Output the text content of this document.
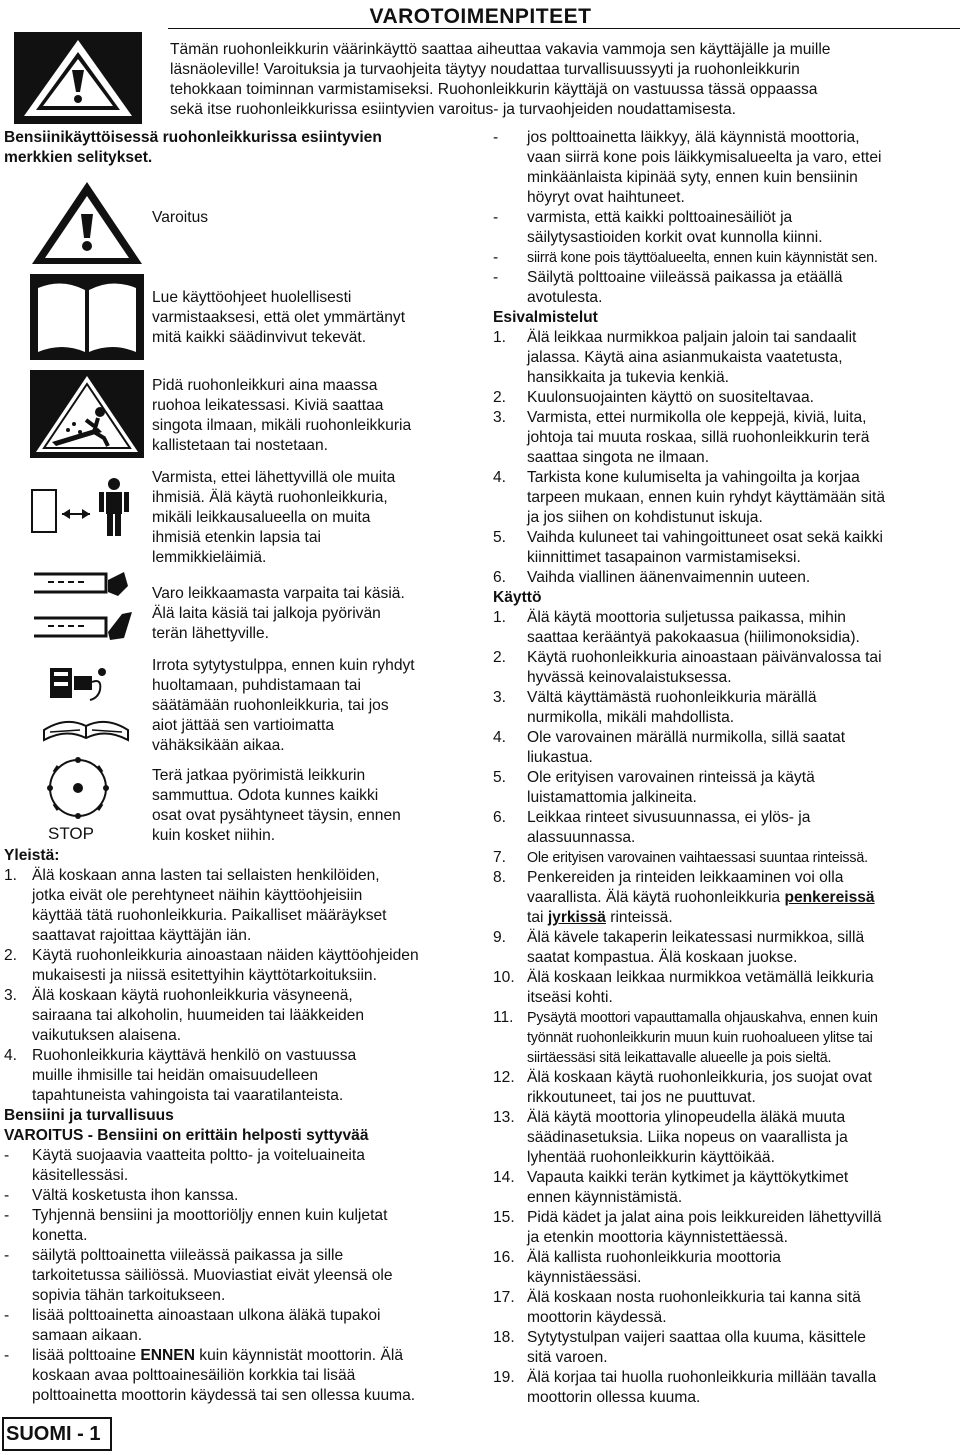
VAROTOIMENPITEET
Tämän ruohonleikkurin väärinkäyttö saattaa aiheuttaa vakavia vammoja sen käyttäjälle ja muille
läsnäoleville! Varoituksia ja turvaohjeita täytyy noudattaa turvallisuussyyti ja ruohonleikkurin
tehokkaan toiminnan varmistamiseksi. Ruohonleikkurin käyttäjä on vastuussa tässä oppaassa
sekä itse ruohonleikkurissa esiintyvien varoitus- ja turvaohjeiden noudattamisesta.
Bensiinikäyttöisessä ruohonleikkurissa esiintyvien
merkkien selitykset.
Varoitus
Lue käyttöohjeet huolellisesti
varmistaaksesi, että olet ymmärtänyt
mitä kaikki säädinvivut tekevät.
Pidä ruohonleikkuri aina maassa
ruohoa leikatessasi. Kiviä saattaa
singota ilmaan, mikäli ruohonleikkuria
kallistetaan tai nostetaan.
Varmista, ettei lähettyvillä ole muita
ihmisiä. Älä käytä ruohonleikkuria,
mikäli leikkausalueella on muita
ihmisiä etenkin lapsia tai
lemmikkieläimiä.
Varo leikkaamasta varpaita tai käsiä.
Älä laita käsiä tai jalkoja pyörivän
terän lähettyville.
Irrota sytytystulppa, ennen kuin ryhdyt
huoltamaan, puhdistamaan tai
säätämään ruohonleikkuria, tai jos
aiot jättää sen vartioimatta
vähäksikään aikaa.
STOP
Terä jatkaa pyörimistä leikkurin
sammuttua. Odota kunnes kaikki
osat ovat pysähtyneet täysin, ennen
kuin kosket niihin.
Yleistä:
1. Älä koskaan anna lasten tai sellaisten henkilöiden,
jotka eivät ole perehtyneet näihin käyttöohjeisiin
käyttää tätä ruohonleikkuria. Paikalliset määräykset
saattavat rajoittaa käyttäjän iän.
2. Käytä ruohonleikkuria ainoastaan näiden käyttöohjeiden
mukaisesti ja niissä esitettyihin käyttötarkoituksiin.
3. Älä koskaan käytä ruohonleikkuria väsyneenä,
sairaana tai alkoholin, huumeiden tai lääkkeiden
vaikutuksen alaisena.
4. Ruohonleikkuria käyttävä henkilö on vastuussa
muille ihmisille tai heidän omaisuudelleen
tapahtuneista vahingoista tai vaaratilanteista.
Bensiini ja turvallisuus
VAROITUS - Bensiini on erittäin helposti syttyvää
-	Käytä suojaavia vaatteita poltto- ja voiteluaineita
käsitellessäsi.
-	Vältä kosketusta ihon kanssa.
-	Tyhjennä bensiini ja moottoriöljy ennen kuin kuljetat
konetta.
-	säilytä polttoainetta viileässä paikassa ja sille
tarkoitetussa säiliössä. Muoviastiat eivät yleensä ole
sopivia tähän tarkoitukseen.
-	lisää polttoainetta ainoastaan ulkona äläkä tupakoi
samaan aikaan.
-	lisää polttoaine ENNEN kuin käynnistät moottorin. Älä
koskaan avaa polttoainesäiliön korkkia tai lisää
polttoainetta moottorin käydessä tai sen ollessa kuuma.
-	jos polttoainetta läikkyy, älä käynnistä moottoria,
vaan siirrä kone pois läikkymisalueelta ja varo, ettei
minkäänlaista kipinää syty, ennen kuin bensiinin
höyryt ovat haihtuneet.
-	varmista, että kaikki polttoainesäiliöt ja
säilytysastioiden korkit ovat kunnolla kiinni.
-	siirrä kone pois täyttöalueelta, ennen kuin käynnistät sen.
-	Säilytä polttoaine viileässä paikassa ja etäällä
avotulesta.
Esivalmistelut
1.	Älä leikkaa nurmikkoa paljain jaloin tai sandaalit
jalassa. Käytä aina asianmukaista vaatetusta,
hansikkaita ja tukevia kenkiä.
2.	Kuulonsuojainten käyttö on suositeltavaa.
3.	Varmista, ettei nurmikolla ole keppejä, kiviä, luita,
johtoja tai muuta roskaa, sillä ruohonleikkurin terä
saattaa singota ne ilmaan.
4.	Tarkista kone kulumiselta ja vahingoilta ja korjaa
tarpeen mukaan, ennen kuin ryhdyt käyttämään sitä
ja jos siihen on kohdistunut iskuja.
5.	Vaihda kuluneet tai vahingoittuneet osat sekä kaikki
kiinnittimet tasapainon varmistamiseksi.
6.	Vaihda viallinen äänenvaimennin uuteen.
Käyttö
1.	Älä käytä moottoria suljetussa paikassa, mihin
saattaa kerääntyä pakokaasua (hiilimonoksidia).
2.	Käytä ruohonleikkuria ainoastaan päivänvalossa tai
hyvässä keinovalaistuksessa.
3.	Vältä käyttämästä ruohonleikkuria märällä
nurmikolla, mikäli mahdollista.
4.	Ole varovainen märällä nurmikolla, sillä saatat
liukastua.
5.	Ole erityisen varovainen rinteissä ja käytä
luistamattomia jalkineita.
6.	Leikkaa rinteet sivusuunnassa, ei ylös- ja
alassuunnassa.
7.	Ole erityisen varovainen vaihtaessasi suuntaa rinteissä.
8.	Penkereiden ja rinteiden leikkaaminen voi olla
vaarallista. Älä käytä ruohonleikkuria penkereissä
tai jyrkissä rinteissä.
9.	Älä kävele takaperin leikatessasi nurmikkoa, sillä
saatat kompastua. Älä koskaan juokse.
10. Älä koskaan leikkaa nurmikkoa vetämällä leikkuria
itseäsi kohti.
11. Pysäytä moottori vapauttamalla ohjauskahva, ennen kuin
työnnät ruohonleikkurin muun kuin ruohoalueen ylitse tai
siirtäessäsi sitä leikattavalle alueelle ja pois sieltä.
12. Älä koskaan käytä ruohonleikkuria, jos suojat ovat
rikkoutuneet, tai jos ne puuttuvat.
13. Älä käytä moottoria ylinopeudella äläkä muuta
säädinasetuksia. Liika nopeus on vaarallista ja
lyhentää ruohonleikkurin käyttöikää.
14. Vapauta kaikki terän kytkimet ja käyttökytkimet
ennen käynnistämistä.
15. Pidä kädet ja jalat aina pois leikkureiden lähettyvillä
ja etenkin moottoria käynnistettäessä.
16. Älä kallista ruohonleikkuria moottoria
käynnistäessäsi.
17. Älä koskaan nosta ruohonleikkuria tai kanna sitä
moottorin käydessä.
18. Sytytystulpan vaijeri saattaa olla kuuma, käsittele
sitä varoen.
19. Älä korjaa tai huolla ruohonleikkuria millään tavalla
moottorin ollessa kuuma.
SUOMI - 1
